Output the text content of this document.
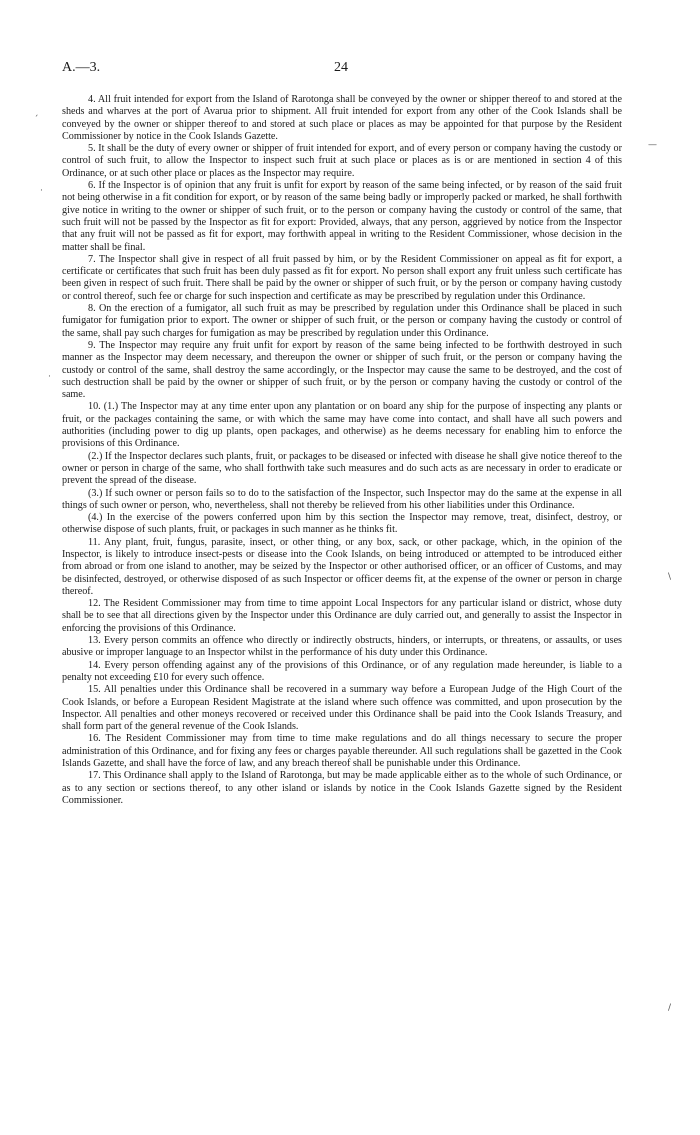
A.—3.	24

4. All fruit intended for export from the Island of Rarotonga shall be conveyed by the owner or shipper thereof to and stored at the sheds and wharves at the port of Avarua prior to shipment. All fruit intended for export from any other of the Cook Islands shall be conveyed by the owner or shipper thereof to and stored at such place or places as may be appointed for that purpose by the Resident Commissioner by notice in the Cook Islands Gazette.

5. It shall be the duty of every owner or shipper of fruit intended for export, and of every person or company having the custody or control of such fruit, to allow the Inspector to inspect such fruit at such place or places as is or are mentioned in section 4 of this Ordinance, or at such other place or places as the Inspector may require.

6. If the Inspector is of opinion that any fruit is unfit for export by reason of the same being infected, or by reason of the said fruit not being otherwise in a fit condition for export, or by reason of the same being badly or improperly packed or marked, he shall forthwith give notice in writing to the owner or shipper of such fruit, or to the person or company having the custody or control of the same, that such fruit will not be passed by the Inspector as fit for export: Provided, always, that any person, aggrieved by notice from the Inspector that any fruit will not be passed as fit for export, may forthwith appeal in writing to the Resident Commissioner, whose decision in the matter shall be final.

7. The Inspector shall give in respect of all fruit passed by him, or by the Resident Commissioner on appeal as fit for export, a certificate or certificates that such fruit has been duly passed as fit for export. No person shall export any fruit unless such certificate has been given in respect of such fruit. There shall be paid by the owner or shipper of such fruit, or by the person or company having custody or control thereof, such fee or charge for such inspection and certificate as may be prescribed by regulation under this Ordinance.

8. On the erection of a fumigator, all such fruit as may be prescribed by regulation under this Ordinance shall be placed in such fumigator for fumigation prior to export. The owner or shipper of such fruit, or the person or company having the custody or control of the same, shall pay such charges for fumigation as may be prescribed by regulation under this Ordinance.

9. The Inspector may require any fruit unfit for export by reason of the same being infected to be forthwith destroyed in such manner as the Inspector may deem necessary, and thereupon the owner or shipper of such fruit, or the person or company having the custody or control of the same, shall destroy the same accordingly, or the Inspector may cause the same to be destroyed, and the cost of such destruction shall be paid by the owner or shipper of such fruit, or by the person or company having the custody or control of the same.

10. (1.) The Inspector may at any time enter upon any plantation or on board any ship for the purpose of inspecting any plants or fruit, or the packages containing the same, or with which the same may have come into contact, and shall have all such powers and authorities (including power to dig up plants, open packages, and otherwise) as he deems necessary for enabling him to enforce the provisions of this Ordinance.

(2.) If the Inspector declares such plants, fruit, or packages to be diseased or infected with disease he shall give notice thereof to the owner or person in charge of the same, who shall forthwith take such measures and do such acts as are necessary in order to eradicate or prevent the spread of the disease.

(3.) If such owner or person fails so to do to the satisfaction of the Inspector, such Inspector may do the same at the expense in all things of such owner or person, who, nevertheless, shall not thereby be relieved from his other liabilities under this Ordinance.

(4.) In the exercise of the powers conferred upon him by this section the Inspector may remove, treat, disinfect, destroy, or otherwise dispose of such plants, fruit, or packages in such manner as he thinks fit.

11. Any plant, fruit, fungus, parasite, insect, or other thing, or any box, sack, or other package, which, in the opinion of the Inspector, is likely to introduce insect-pests or disease into the Cook Islands, on being introduced or attempted to be introduced either from abroad or from one island to another, may be seized by the Inspector or other authorised officer, or an officer of Customs, and may be disinfected, destroyed, or otherwise disposed of as such Inspector or officer deems fit, at the expense of the owner or person in charge thereof.

12. The Resident Commissioner may from time to time appoint Local Inspectors for any particular island or district, whose duty shall be to see that all directions given by the Inspector under this Ordinance are duly carried out, and generally to assist the Inspector in enforcing the provisions of this Ordinance.

13. Every person commits an offence who directly or indirectly obstructs, hinders, or interrupts, or threatens, or assaults, or uses abusive or improper language to an Inspector whilst in the performance of his duty under this Ordinance.

14. Every person offending against any of the provisions of this Ordinance, or of any regulation made hereunder, is liable to a penalty not exceeding £10 for every such offence.

15. All penalties under this Ordinance shall be recovered in a summary way before a European Judge of the High Court of the Cook Islands, or before a European Resident Magistrate at the island where such offence was committed, and upon prosecution by the Inspector. All penalties and other moneys recovered or received under this Ordinance shall be paid into the Cook Islands Treasury, and shall form part of the general revenue of the Cook Islands.

16. The Resident Commissioner may from time to time make regulations and do all things necessary to secure the proper administration of this Ordinance, and for fixing any fees or charges payable thereunder. All such regulations shall be gazetted in the Cook Islands Gazette, and shall have the force of law, and any breach thereof shall be punishable under this Ordinance.

17. This Ordinance shall apply to the Island of Rarotonga, but may be made applicable either as to the whole of such Ordinance, or as to any section or sections thereof, to any other island or islands by notice in the Cook Islands Gazette signed by the Resident Commissioner.

´
·
—
·
\
/
